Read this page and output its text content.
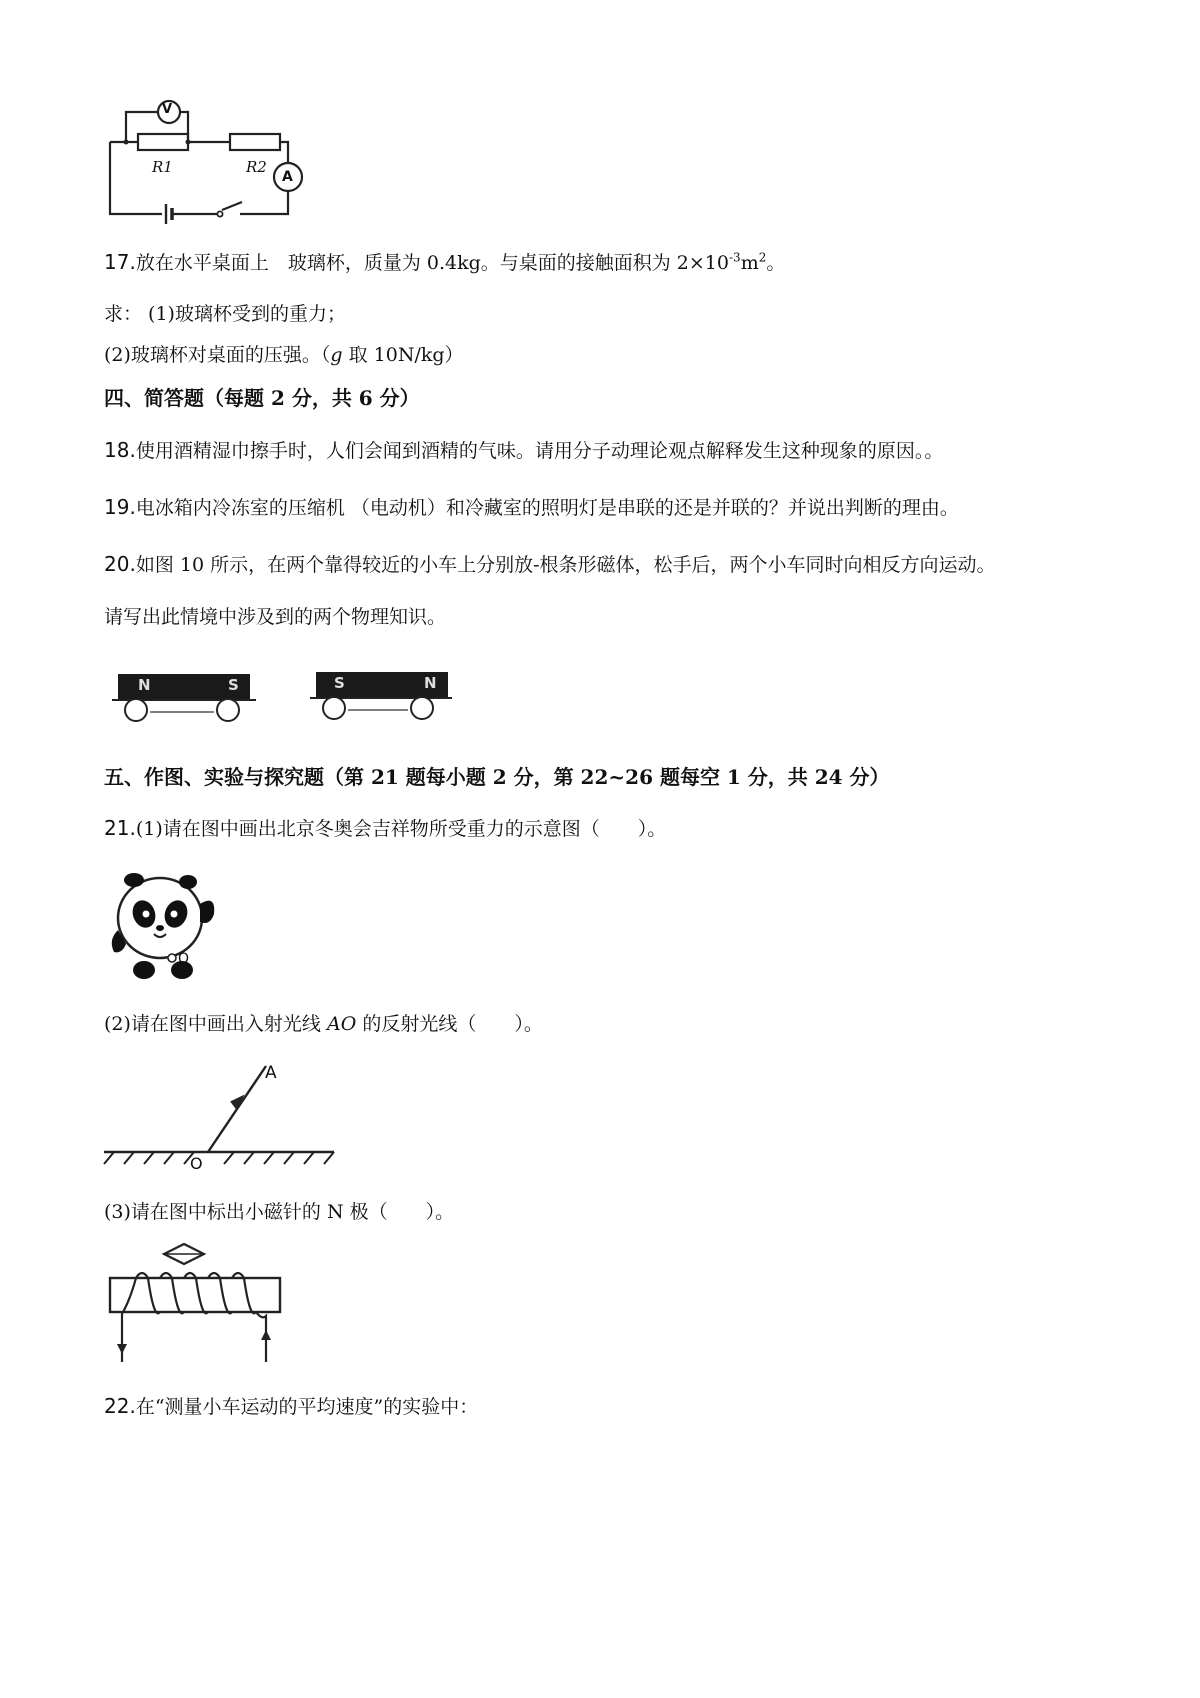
V
A
R1	R2
17.放在水平桌面上　玻璃杯，质量为 0.4kg。与桌面的接触面积为 $2\times 10^{-3}m^2$。
求： (1)玻璃杯受到的重力；
(2)玻璃杯对桌面的压强。（g 取 10N/kg）
四、简答题（每题 2 分，共 6 分）
18.使用酒精湿巾擦手时，人们会闻到酒精的气味。请用分子动理论观点解释发生这种现象的原因。。
19.电冰箱内冷冻室的压缩机 （电动机）和冷藏室的照明灯是串联的还是并联的？并说出判断的理由。
20.如图 10 所示，在两个靠得较近的小车上分别放-根条形磁体，松手后，两个小车同时向相反方向运动。
请写出此情境中涉及到的两个物理知识。
N	S	S	N
五、作图、实验与探究题（第 21 题每小题 2 分，第 22~26 题每空 1 分，共 24 分）
21.(1)请在图中画出北京冬奥会吉祥物所受重力的示意图（　　）。
O
(2)请在图中画出入射光线 AO 的反射光线（　　）。
A
O
(3)请在图中标出小磁针的 N 极（　　）。
22.在“测量小车运动的平均速度”的实验中：
